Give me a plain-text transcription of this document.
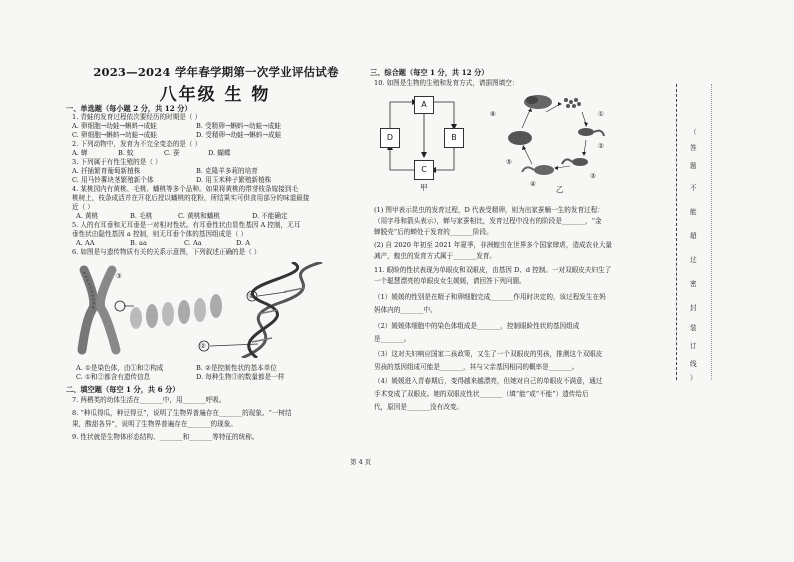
2023—2024 学年春学期第一次学业评估试卷
八年级 生 物
一、单选题（每小题 2 分，共 12 分）
1. 青蛙的发育过程依次要经历的时期是（ ）
A. 卵细胞→幼蛙→蝌蚪→成蛙	B. 受精卵→蝌蚪→幼蛙→成蛙
C. 卵细胞→蝌蚪→幼蛙→成蛙	D. 受精卵→幼蛙→蝌蚪→成蛙
2. 下列动物中，发育为不完全变态的是（ ）
A. 蝉	B. 蚊	C. 蚕	D. 蝴蝶
3. 下列属于有性生殖的是（ ）
A. 扦插繁育葡萄新植株	B. 克隆羊多莉的培育
C. 用马铃薯块茎繁殖新个体	D. 用玉米种子繁殖新植株
4. 某桃园内有黄桃、毛桃、蟠桃等多个品种。如果将黄桃的带芽枝条嫁接到毛
桃树上，枝条成活并在开花后授以蟠桃的花粉，所结果实可供食用部分的味道最接
近（ ）
A. 黄桃	B. 毛桃	C. 黄桃和蟠桃	D. 不能确定
5. 人的有耳垂和无耳垂是一对相对性状。有耳垂性状由显性基因 A 控制，无耳
垂性状由隐性基因 a 控制，则无耳垂个体的基因组成是（ ）
A. AA	B. aa	C. Aa	D. A
6. 如图是与遗传物质有关的关系示意图，下列叙述正确的是（ ）
③
①
②
A. ①是染色体，由①和②构成	B. ②是控制性状的基本单位
C. ①和②都含有遗传信息	D. 每种生物③的数量都是一样
二、填空题（每空 1 分，共 6 分）
7. 两栖类的幼体生活在_______中，用_______呼吸。
8. “种瓜得瓜，种豆得豆”，说明了生物界普遍存在_______的现象。“一树结
果，酸甜各异”，说明了生物界普遍存在_______的现象。
9. 性状就是生物体形态结构、_______和_______等特征的统称。
三、综合题（每空 1 分，共 12 分）
10. 如图是生物的生殖和发育方式，请据图填空：
A
B
C
D
甲
⑥	①
②
③
④
⑤
乙
(1) 图甲表示昆虫的发育过程，D 代表受精卵，则为出家蚕蛹一生的发育过程：
（用字母和箭头表示），蝉与家蚕相比，发育过程中没有的阶段是_______，“金
蝉脱壳”后的蝉处于发育的_______阶段。
(2) 自 2020 年初至 2021 年夏季，非洲蝗虫在世界多个国家肆虐，造成农业大量
减产，蝗虫的发育方式属于_______发育。
11. 眼睑的性状表现为单眼皮和双眼皮，由基因 D、d 控制。一对双眼皮夫妇生了
一个聪慧漂亮的单眼皮女生媛媛，请回答下列问题。
（1）媛媛的性别是在精子和卵细胞完成_______作用时决定的，该过程发生在妈
妈体内的_______中。
（2）媛媛体细胞中的染色体组成是_______，控制眼睑性状的基因组成
是_______。
（3）这对夫妇响应国家二孩政策，又生了一个双眼皮的男孩，推测这个双眼皮
男孩的基因组成可能是_______，其与父亲基因相同的概率是_______。
（4）媛媛进入青春期后，变得越来越漂亮，但她对自己的单眼皮不满意，通过
手术变成了双眼皮。她的双眼皮性状_______（填“能”或“不能”）遗传给后
代，原因是_______没有改变。
（
答
题
不
能
超
过
密
封
装
订
线
）
第 4 页
